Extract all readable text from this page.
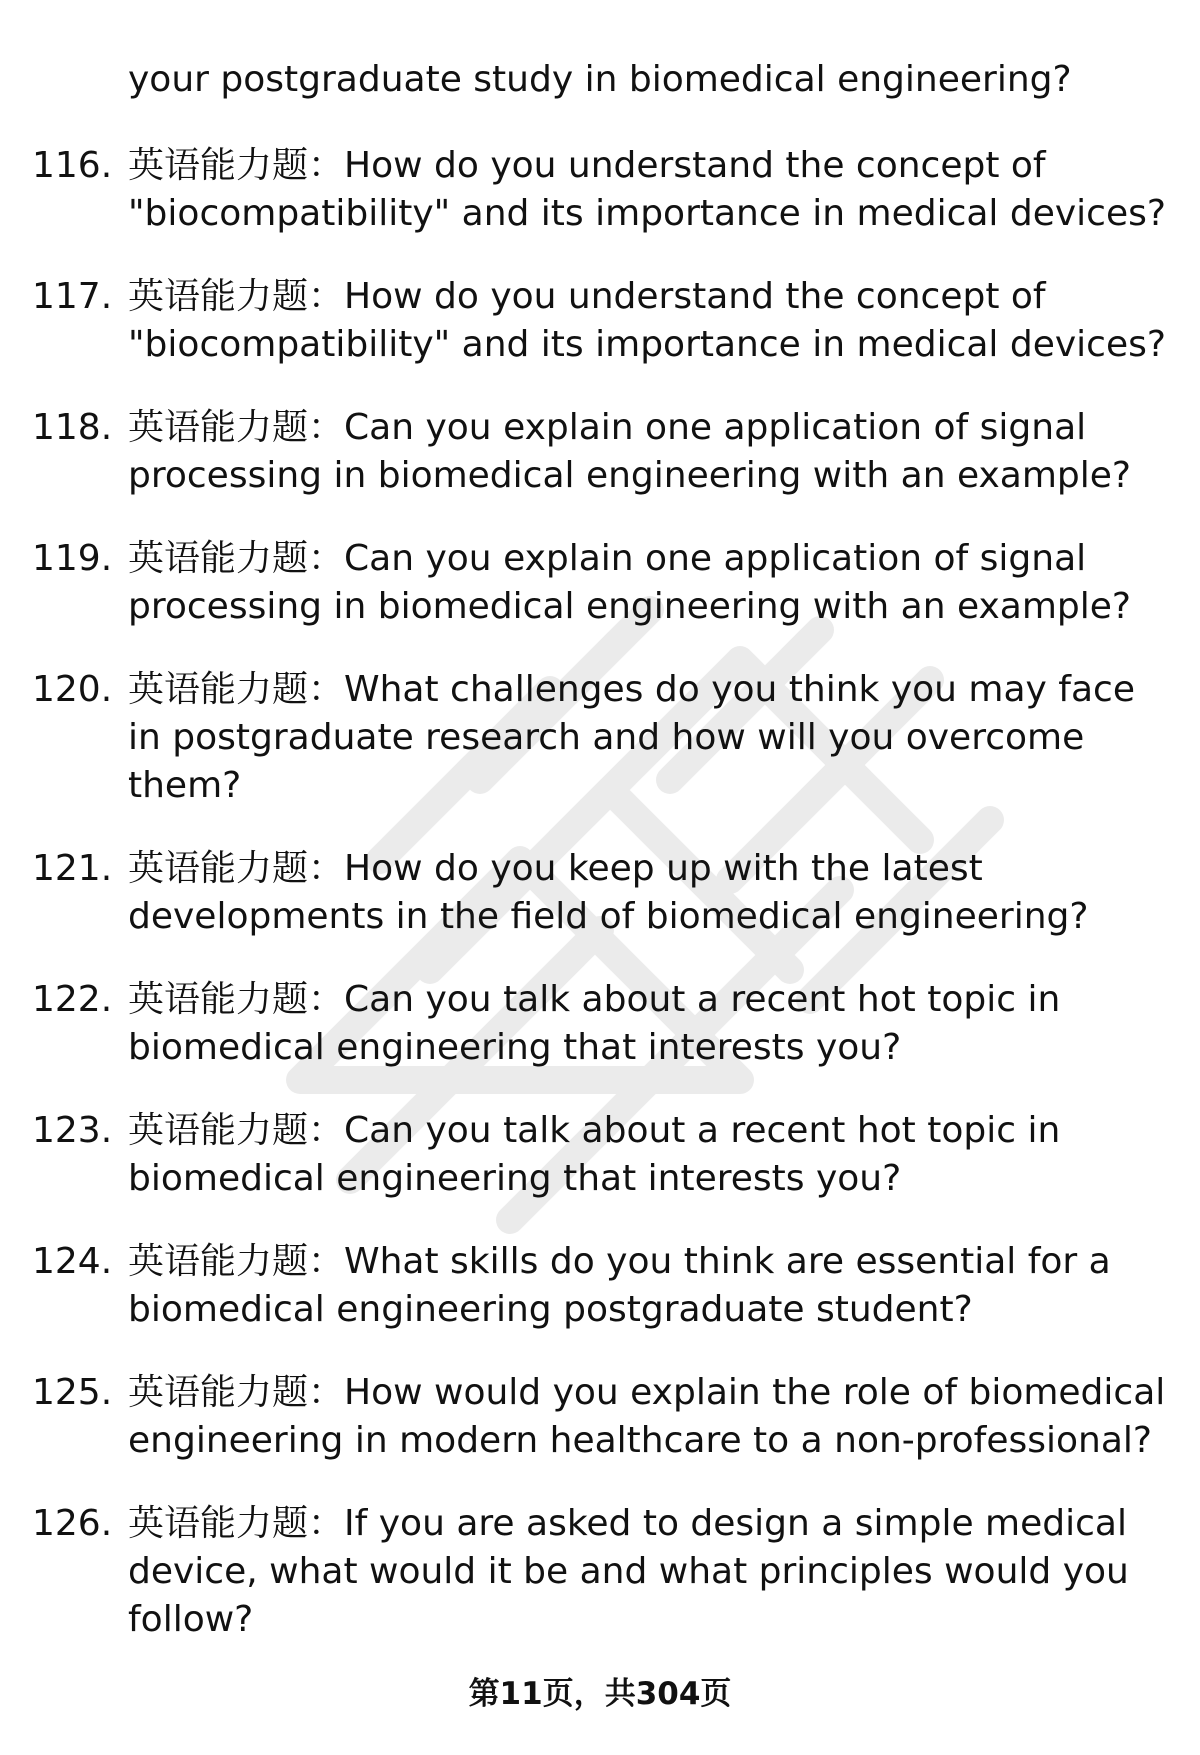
your postgraduate study in biomedical engineering?

116. 英语能力题：How do you understand the concept of "biocompatibility" and its importance in medical devices?
117. 英语能力题：How do you understand the concept of "biocompatibility" and its importance in medical devices?
118. 英语能力题：Can you explain one application of signal processing in biomedical engineering with an example?
119. 英语能力题：Can you explain one application of signal processing in biomedical engineering with an example?
120. 英语能力题：What challenges do you think you may face in postgraduate research and how will you overcome them?
121. 英语能力题：How do you keep up with the latest developments in the field of biomedical engineering?
122. 英语能力题：Can you talk about a recent hot topic in biomedical engineering that interests you?
123. 英语能力题：Can you talk about a recent hot topic in biomedical engineering that interests you?
124. 英语能力题：What skills do you think are essential for a biomedical engineering postgraduate student?
125. 英语能力题：How would you explain the role of biomedical engineering in modern healthcare to a non-professional?
126. 英语能力题：If you are asked to design a simple medical device, what would it be and what principles would you follow?
第11页，共304页
